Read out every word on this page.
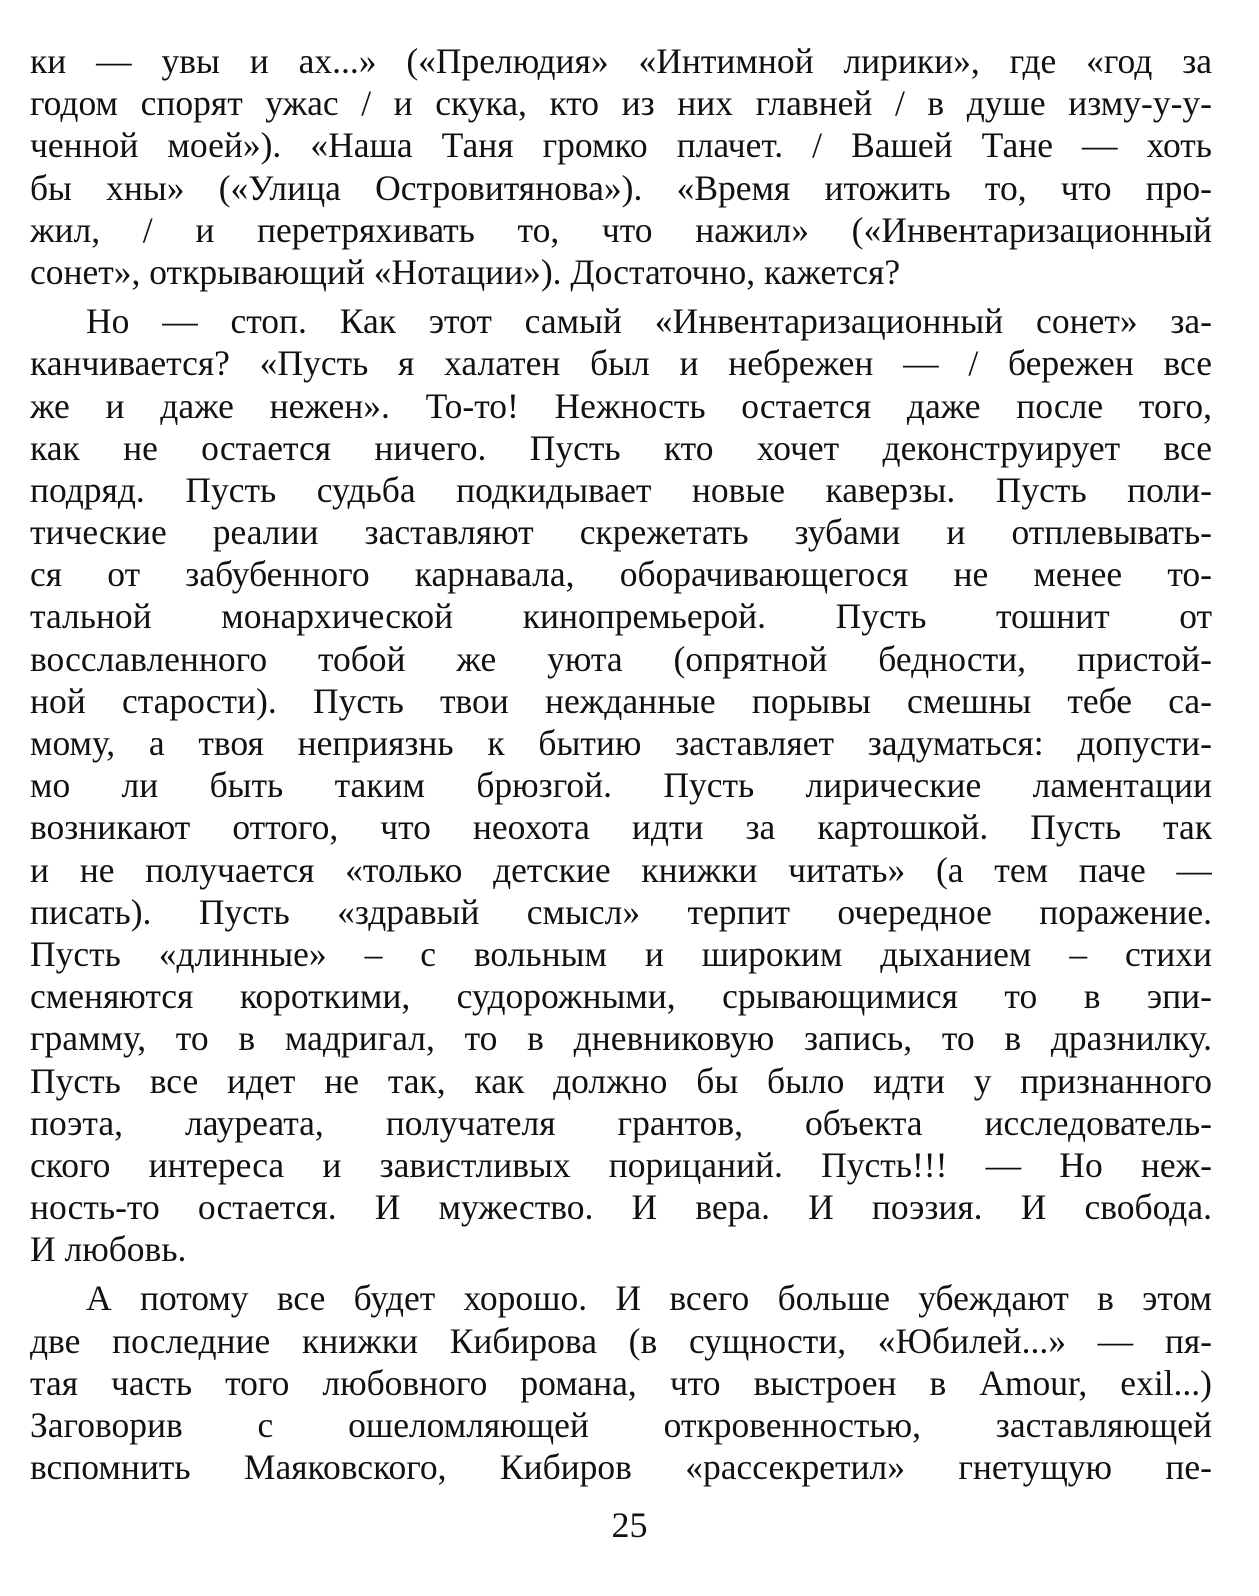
ки — увы и ах...» («Прелюдия» «Интимной лирики», где «год за
годом спорят ужас / и скука, кто из них главней / в душе изму-у-у-
ченной моей»). «Наша Таня громко плачет. / Вашей Тане — хоть
бы хны» («Улица Островитянова»). «Время итожить то, что про-
жил, / и перетряхивать то, что нажил» («Инвентаризационный
сонет», открывающий «Нотации»). Достаточно, кажется?
Но — стоп. Как этот самый «Инвентаризационный сонет» за-
канчивается? «Пусть я халатен был и небрежен — / бережен все
же и даже нежен». То-то! Нежность остается даже после того,
как не остается ничего. Пусть кто хочет деконструирует все
подряд. Пусть судьба подкидывает новые каверзы. Пусть поли-
тические реалии заставляют скрежетать зубами и отплевывать-
ся от забубенного карнавала, оборачивающегося не менее то-
тальной монархической кинопремьерой. Пусть тошнит от
восславленного тобой же уюта (опрятной бедности, пристой-
ной старости). Пусть твои нежданные порывы смешны тебе са-
мому, а твоя неприязнь к бытию заставляет задуматься: допусти-
мо ли быть таким брюзгой. Пусть лирические ламентации
возникают оттого, что неохота идти за картошкой. Пусть так
и не получается «только детские книжки читать» (а тем паче —
писать). Пусть «здравый смысл» терпит очередное поражение.
Пусть «длинные» – с вольным и широким дыханием – стихи
сменяются короткими, судорожными, срывающимися то в эпи-
грамму, то в мадригал, то в дневниковую запись, то в дразнилку.
Пусть все идет не так, как должно бы было идти у признанного
поэта, лауреата, получателя грантов, объекта исследователь-
ского интереса и завистливых порицаний. Пусть!!! — Но неж-
ность-то остается. И мужество. И вера. И поэзия. И свобода.
И любовь.
А потому все будет хорошо. И всего больше убеждают в этом
две последние книжки Кибирова (в сущности, «Юбилей...» — пя-
тая часть того любовного романа, что выстроен в Amour, exil...)
Заговорив с ошеломляющей откровенностью, заставляющей
вспомнить Маяковского, Кибиров «рассекретил» гнетущую пе-
25
